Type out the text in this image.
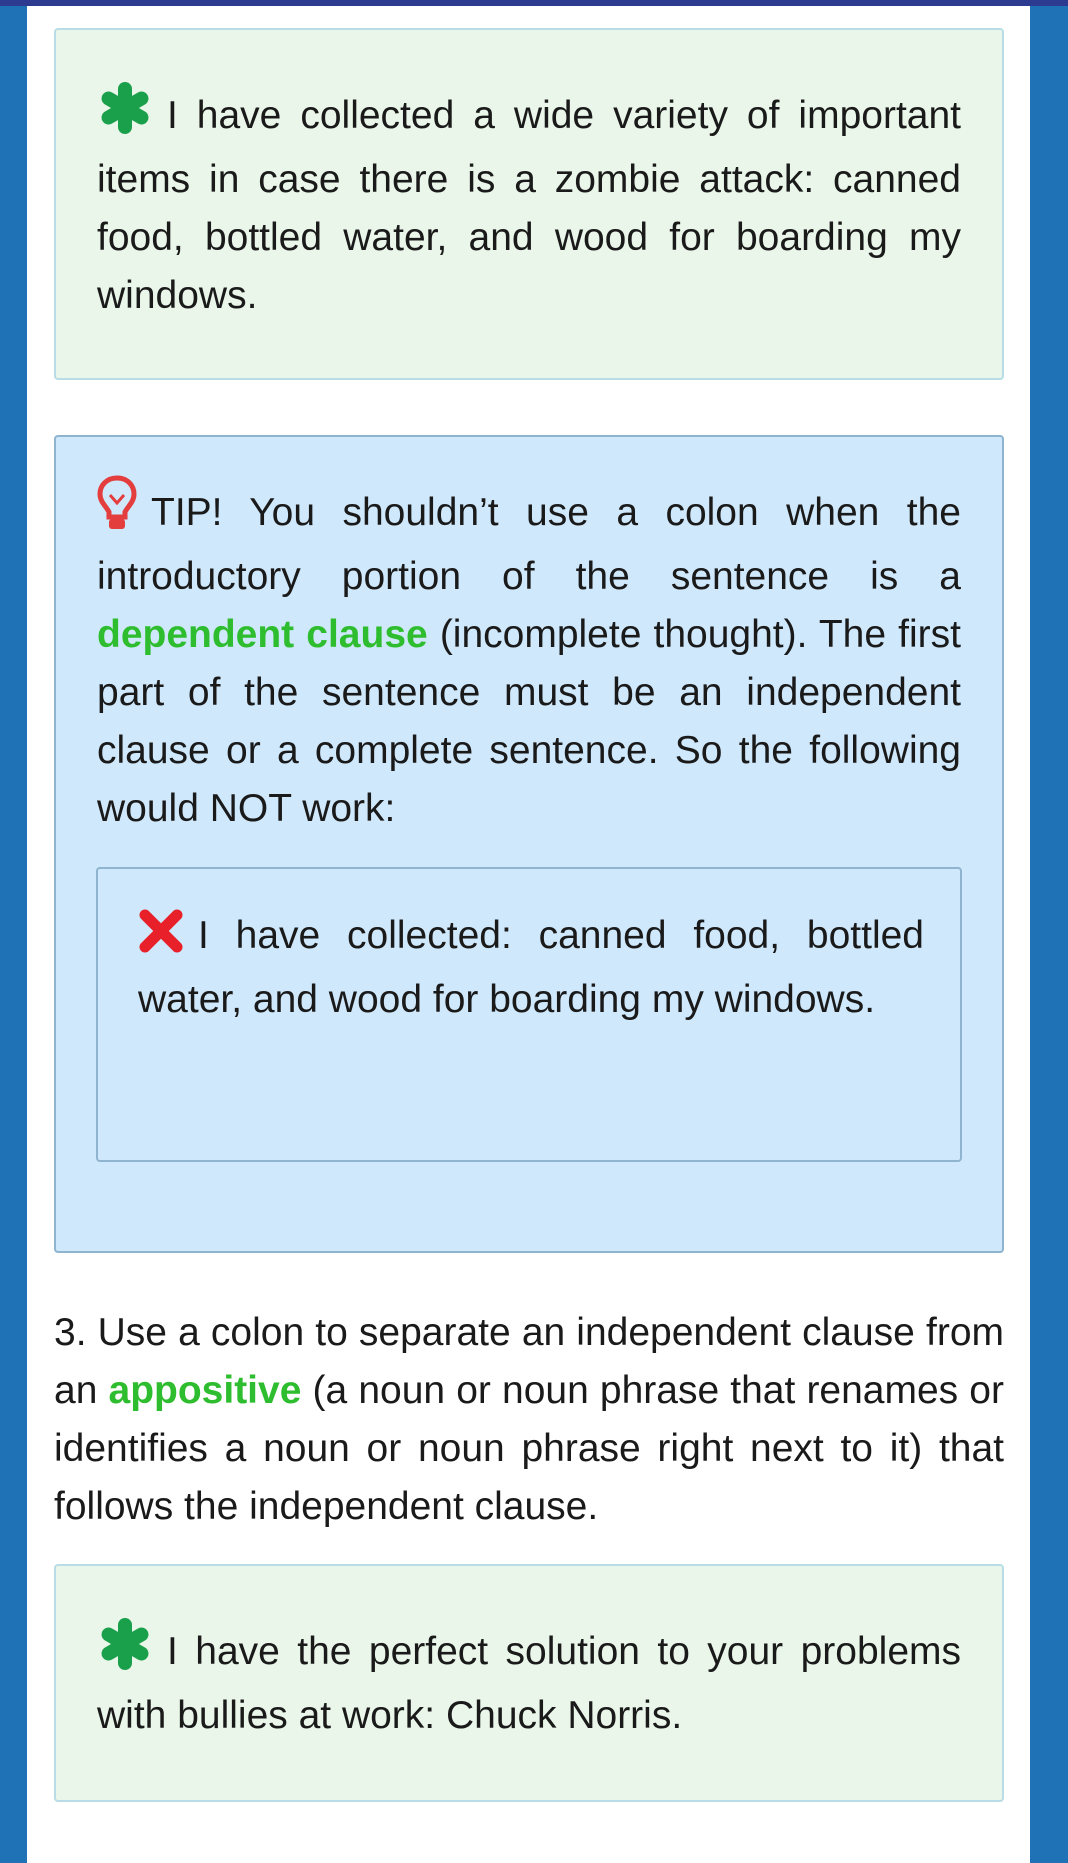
I have collected a wide variety of important items in case there is a zombie attack: canned food, bottled water, and wood for boarding my windows.

TIP! You shouldn’t use a colon when the introductory portion of the sentence is a dependent clause (incomplete thought). The first part of the sentence must be an independent clause or a complete sentence. So the following would NOT work:

I have collected: canned food, bottled water, and wood for boarding my windows.

3. Use a colon to separate an independent clause from an appositive (a noun or noun phrase that renames or identifies a noun or noun phrase right next to it) that follows the independent clause.

I have the perfect solution to your problems with bullies at work: Chuck Norris.
